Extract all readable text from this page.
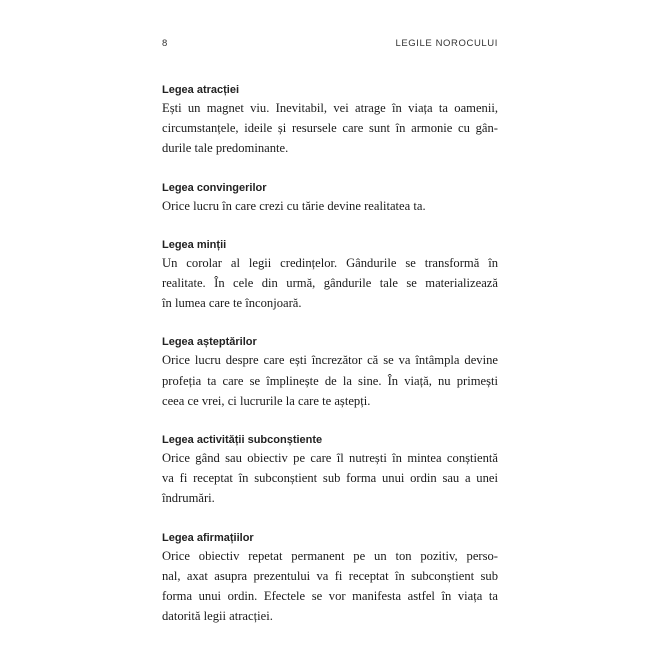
8	LEGILE NOROCULUI

Legea atracției

Ești un magnet viu. Inevitabil, vei atrage în viața ta oamenii,
circumstanțele, ideile și resursele care sunt în armonie cu gân-
durile tale predominante.

Legea convingerilor

Orice lucru în care crezi cu tărie devine realitatea ta.

Legea minții

Un corolar al legii credințelor. Gândurile se transformă în
realitate. În cele din urmă, gândurile tale se materializează
în lumea care te înconjoară.

Legea așteptărilor

Orice lucru despre care ești încrezător că se va întâmpla devine
profeția ta care se împlinește de la sine. În viață, nu primești
ceea ce vrei, ci lucrurile la care te aștepți.

Legea activității subconștiente

Orice gând sau obiectiv pe care îl nutrești în mintea conștientă
va fi receptat în subconștient sub forma unui ordin sau a unei
îndrumări.

Legea afirmațiilor

Orice obiectiv repetat permanent pe un ton pozitiv, perso-
nal, axat asupra prezentului va fi receptat în subconștient sub
forma unui ordin. Efectele se vor manifesta astfel în viața ta
datorită legii atracției.
